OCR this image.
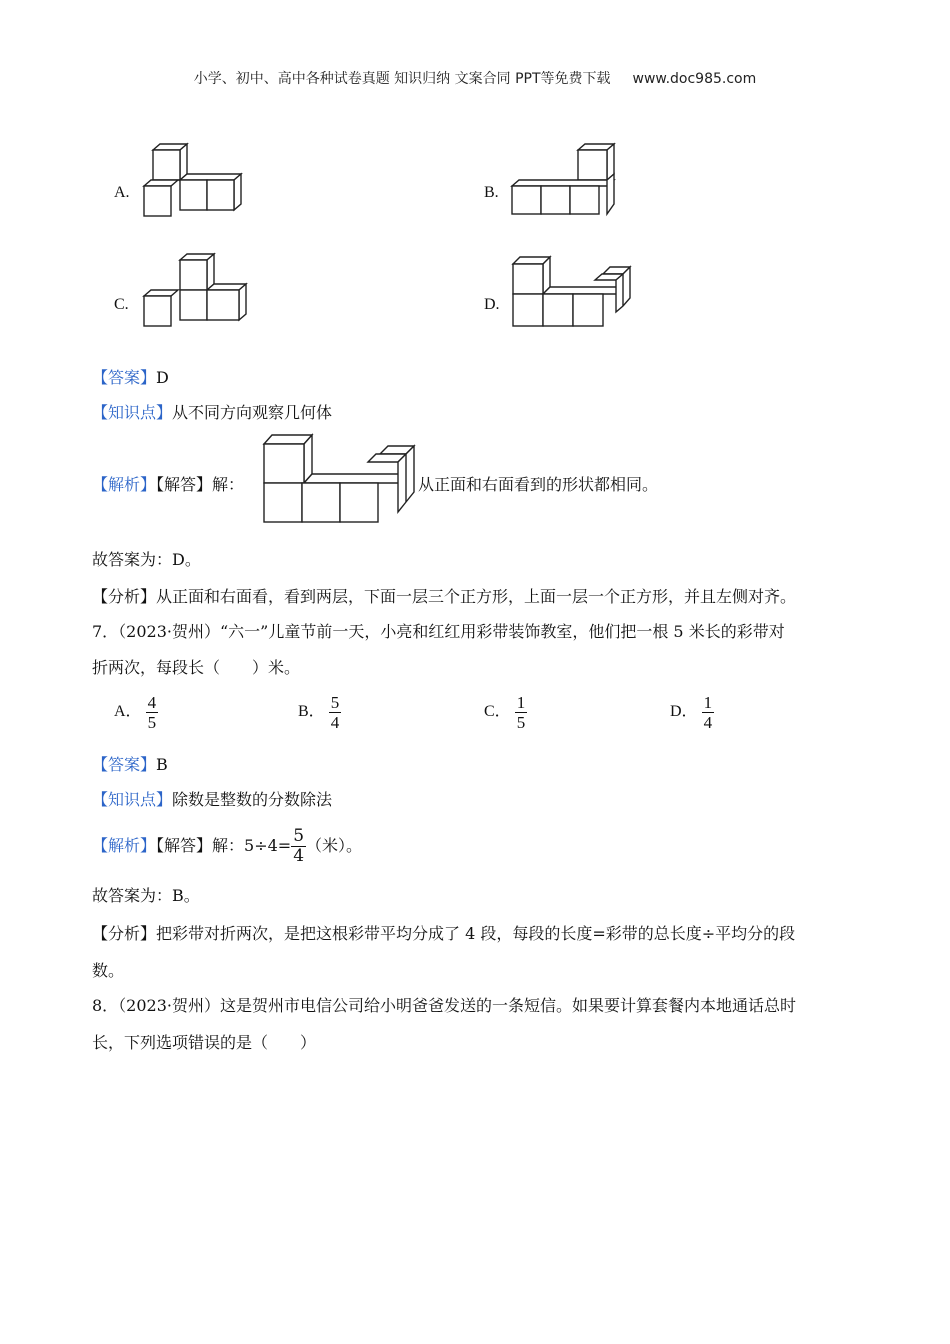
小学、初中、高中各种试卷真题 知识归纳 文案合同 PPT等免费下载 www.doc985.com
A.	B.
C.	D.
【答案】D
【知识点】从不同方向观察几何体
【解析】【解答】解：	从正面和右面看到的形状都相同。
故答案为：D。
【分析】从正面和右面看，看到两层，下面一层三个正方形，上面一层一个正方形，并且左侧对齐。
7．（2023·贺州）“六一”儿童节前一天，小亮和红红用彩带装饰教室，他们把一根 5 米长的彩带对
折两次，每段长（　　）米。
A． $\frac{4}{5}$	B． $\frac{5}{4}$	C． $\frac{1}{5}$	D． $\frac{1}{4}$
【答案】B
【知识点】除数是整数的分数除法
【解析】【解答】解：$5\div 4= \frac{5}{4}$ （米）。
故答案为：B。
【分析】把彩带对折两次，是把这根彩带平均分成了 4 段，每段的长度=彩带的总长度÷平均分的段
数。
8．（2023·贺州）这是贺州市电信公司给小明爸爸发送的一条短信。如果要计算套餐内本地通话总时
长，下列选项错误的是（　　）
